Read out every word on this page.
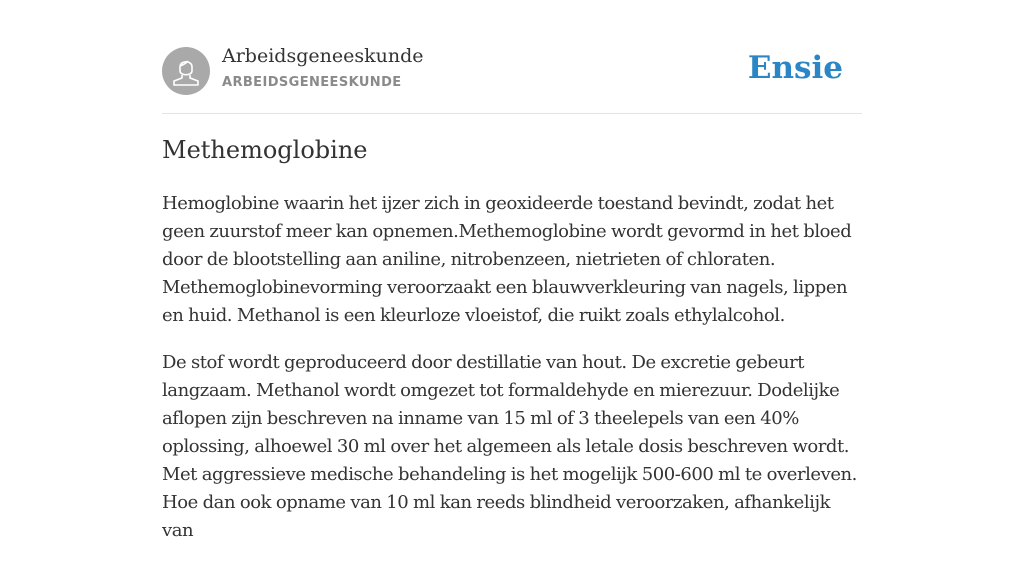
Arbeidsgeneeskunde
ARBEIDSGENEESKUNDE	Ensie
Methemoglobine

Hemoglobine waarin het ijzer zich in geoxideerde toestand bevindt, zodat het geen zuurstof meer kan opnemen.Methemoglobine wordt gevormd in het bloed door de blootstelling aan aniline, nitrobenzeen, nietrieten of chloraten. Methemoglobinevorming veroorzaakt een blauwverkleuring van nagels, lippen en huid. Methanol is een kleurloze vloeistof, die ruikt zoals ethylalcohol.

De stof wordt geproduceerd door destillatie van hout. De excretie gebeurt langzaam. Methanol wordt omgezet tot formaldehyde en mierezuur. Dodelijke aflopen zijn beschreven na inname van 15 ml of 3 theelepels van een 40% oplossing, alhoewel 30 ml over het algemeen als letale dosis beschreven wordt. Met aggressieve medische behandeling is het mogelijk 500-600 ml te overleven. Hoe dan ook opname van 10 ml kan reeds blindheid veroorzaken, afhankelijk van
